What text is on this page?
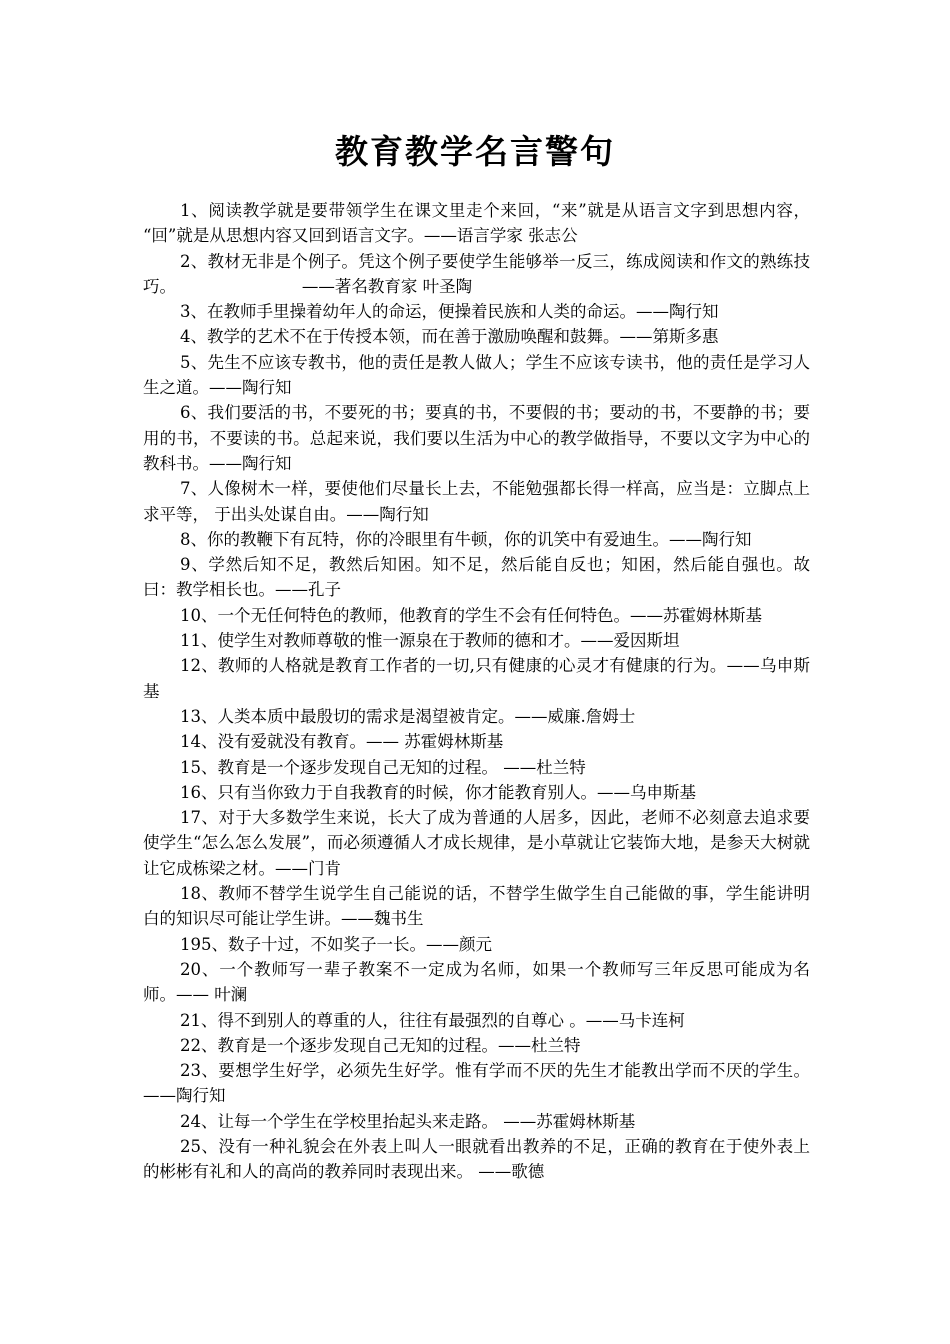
教育教学名言警句
1、阅读教学就是要带领学生在课文里走个来回，“来”就是从语言文字到思想内容， “回”就是从思想内容又回到语言文字。——语言学家 张志公
2、教材无非是个例子。凭这个例子要使学生能够举一反三，练成阅读和作文的熟练技巧。                        ——著名教育家 叶圣陶
3、在教师手里操着幼年人的命运，便操着民族和人类的命运。——陶行知
4、教学的艺术不在于传授本领，而在善于激励唤醒和鼓舞。——第斯多惠
5、先生不应该专教书，他的责任是教人做人；学生不应该专读书，他的责任是学习人生之道。——陶行知
6、我们要活的书，不要死的书；要真的书，不要假的书；要动的书，不要静的书；要用的书，不要读的书。总起来说，我们要以生活为中心的教学做指导，不要以文字为中心的教科书。——陶行知
7、人像树木一样，要使他们尽量长上去，不能勉强都长得一样高，应当是：立脚点上求平等， 于出头处谋自由。——陶行知
8、你的教鞭下有瓦特，你的冷眼里有牛顿，你的讥笑中有爱迪生。——陶行知
9、学然后知不足，教然后知困。知不足，然后能自反也；知困，然后能自强也。故曰：教学相长也。——孔子
10、一个无任何特色的教师，他教育的学生不会有任何特色。——苏霍姆林斯基
11、使学生对教师尊敬的惟一源泉在于教师的德和才。——爱因斯坦
12、教师的人格就是教育工作者的一切,只有健康的心灵才有健康的行为。——乌申斯基
13、人类本质中最殷切的需求是渴望被肯定。——威廉.詹姆士
14、没有爱就没有教育。—— 苏霍姆林斯基
15、教育是一个逐步发现自己无知的过程。 ——杜兰特
16、只有当你致力于自我教育的时候，你才能教育别人。——乌申斯基
17、对于大多数学生来说，长大了成为普通的人居多，因此，老师不必刻意去追求要使学生“怎么怎么发展”，而必须遵循人才成长规律，是小草就让它装饰大地，是参天大树就让它成栋梁之材。——门肯
18、教师不替学生说学生自己能说的话，不替学生做学生自己能做的事，学生能讲明白的知识尽可能让学生讲。——魏书生
195、数子十过，不如奖子一长。——颜元
20、一个教师写一辈子教案不一定成为名师，如果一个教师写三年反思可能成为名师。—— 叶澜
21、得不到别人的尊重的人，往往有最强烈的自尊心 。——马卡连柯
22、教育是一个逐步发现自己无知的过程。——杜兰特
23、要想学生好学，必须先生好学。惟有学而不厌的先生才能教出学而不厌的学生。——陶行知
24、让每一个学生在学校里抬起头来走路。 ——苏霍姆林斯基
25、没有一种礼貌会在外表上叫人一眼就看出教养的不足，正确的教育在于使外表上的彬彬有礼和人的高尚的教养同时表现出来。 ——歌德
